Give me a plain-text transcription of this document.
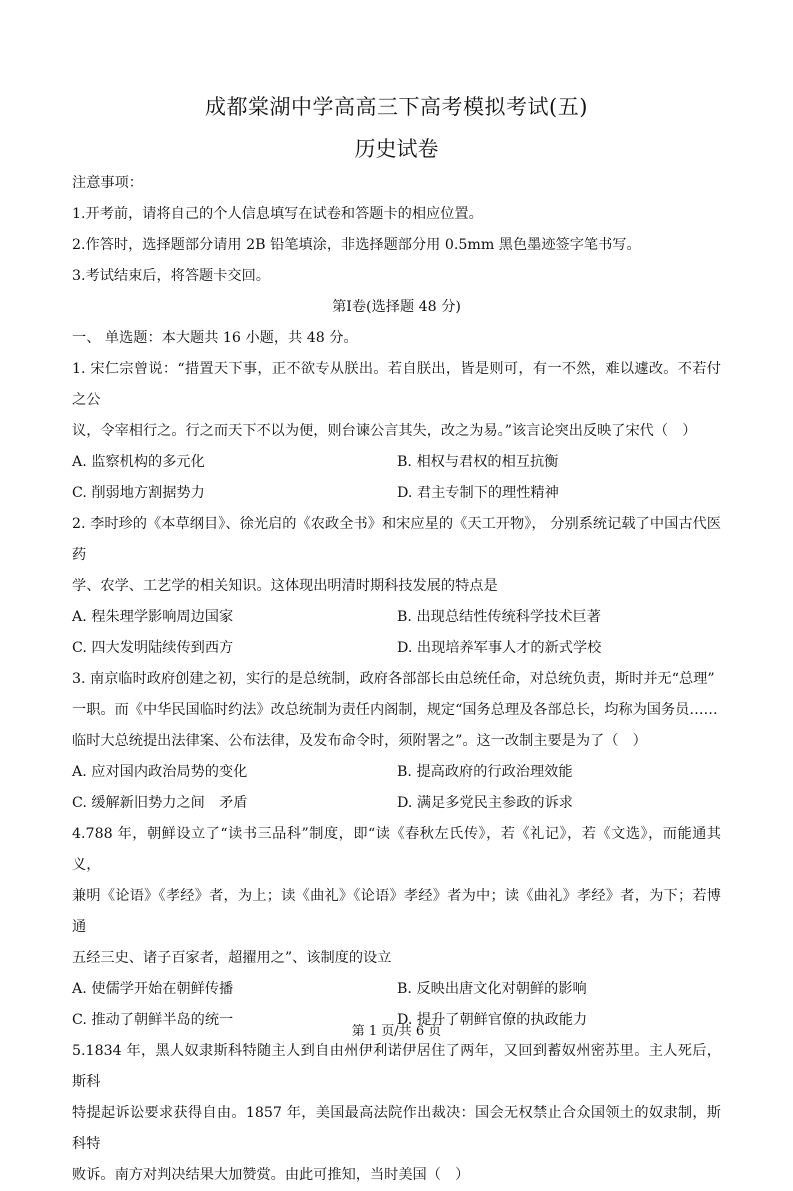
成都棠湖中学高高三下高考模拟考试(五)

历史试卷

注意事项：

1.开考前，请将自己的个人信息填写在试卷和答题卡的相应位置。

2.作答时，选择题部分请用 2B 铅笔填涂，非选择题部分用 0.5mm 黑色墨迹签字笔书写。

3.考试结束后，将答题卡交回。

第Ⅰ卷(选择题 48 分)

一、 单选题：本大题共 16 小题，共 48 分。

1. 宋仁宗曾说：“措置天下事，正不欲专从朕出。若自朕出，皆是则可，有一不然，难以遽改。不若付之公

议，令宰相行之。行之而天下不以为便，则台谏公言其失，改之为易。”该言论突出反映了宋代（　）

A. 监察机构的多元化	B. 相权与君权的相互抗衡
C. 削弱地方割据势力	D. 君主专制下的理性精神

2. 李时珍的《本草纲目》、徐光启的《农政全书》和宋应星的《天工开物》， 分别系统记载了中国古代医药

学、农学、工艺学的相关知识。这体现出明清时期科技发展的特点是

A. 程朱理学影响周边国家	B. 出现总结性传统科学技术巨著
C. 四大发明陆续传到西方	D. 出现培养军事人才的新式学校

3. 南京临时政府创建之初，实行的是总统制，政府各部部长由总统任命，对总统负责，斯时并无“总理”

一职。而《中华民国临时约法》改总统制为责任内阁制，规定“国务总理及各部总长，均称为国务员……

临时大总统提出法律案、公布法律，及发布命令时，须附署之”。这一改制主要是为了（　）

A. 应对国内政治局势的变化	B. 提高政府的行政治理效能
C. 缓解新旧势力之间　矛盾	D. 满足多党民主参政的诉求

4.788 年，朝鲜设立了“读书三品科”制度，即“读《春秋左氏传》，若《礼记》，若《文选》，而能通其义，

兼明《论语》《孝经》者，为上；读《曲礼》《论语》孝经》者为中；读《曲礼》孝经》者，为下；若博通

五经三史、诸子百家者，超擢用之”、该制度的设立

A. 使儒学开始在朝鲜传播	B. 反映出唐文化对朝鲜的影响
C. 推动了朝鲜半岛的统一	D. 提升了朝鲜官僚的执政能力

5.1834 年，黑人奴隶斯科特随主人到自由州伊利诺伊居住了两年，又回到蓄奴州密苏里。主人死后，斯科

特提起诉讼要求获得自由。1857 年，美国最高法院作出裁决：国会无权禁止合众国领土的奴隶制，斯科特

败诉。南方对判决结果大加赞赏。由此可推知，当时美国（　）

第 1 页/共 6 页
